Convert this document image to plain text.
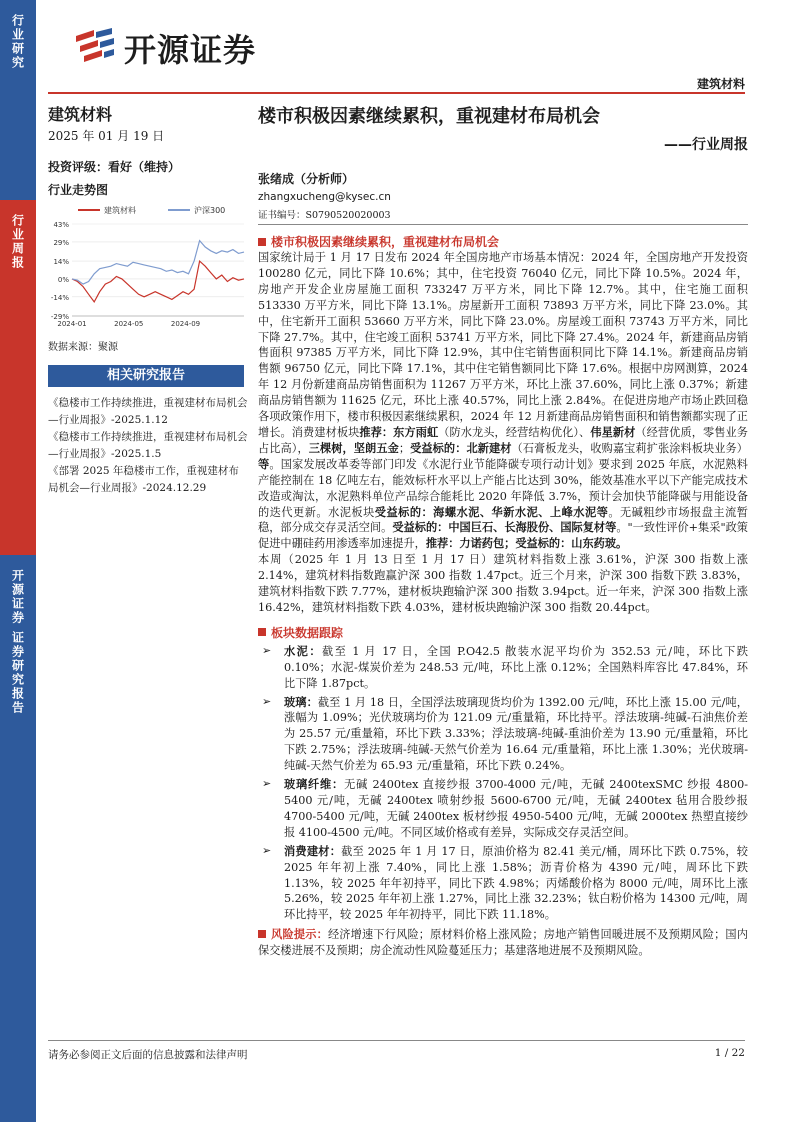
行业研究
行业周报
开源证券 证券研究报告
开源证券
建筑材料
建筑材料
2025 年 01 月 19 日
投资评级：看好（维持）
行业走势图
建筑材料	沪深300
43%
29%
14%
0%
-14%
-29%
2024-01	2024-05	2024-09
数据来源：聚源
相关研究报告
《稳楼市工作持续推进，重视建材布局机会—行业周报》-2025.1.12
《稳楼市工作持续推进，重视建材布局机会—行业周报》-2025.1.5
《部署 2025 年稳楼市工作，重视建材布局机会—行业周报》-2024.12.29
楼市积极因素继续累积，重视建材布局机会
——行业周报
张绪成（分析师）
zhangxucheng@kysec.cn
证书编号：S0790520020003
楼市积极因素继续累积，重视建材布局机会
国家统计局于 1 月 17 日发布 2024 年全国房地产市场基本情况：2024 年，全国房地产开发投资 100280 亿元，同比下降 10.6%；其中，住宅投资 76040 亿元，同比下降 10.5%。2024 年，房地产开发企业房屋施工面积 733247 万平方米，同比下降 12.7%。其中，住宅施工面积 513330 万平方米，同比下降 13.1%。房屋新开工面积 73893 万平方米，同比下降 23.0%。其中，住宅新开工面积 53660 万平方米，同比下降 23.0%。房屋竣工面积 73743 万平方米，同比下降 27.7%。其中，住宅竣工面积 53741 万平方米，同比下降 27.4%。2024 年，新建商品房销售面积 97385 万平方米，同比下降 12.9%，其中住宅销售面积同比下降 14.1%。新建商品房销售额 96750 亿元，同比下降 17.1%，其中住宅销售额同比下降 17.6%。根据中房网测算，2024 年 12 月份新建商品房销售面积为 11267 万平方米，环比上涨 37.60%，同比上涨 0.37%；新建商品房销售额为 11625 亿元，环比上涨 40.57%，同比上涨 2.84%。在促进房地产市场止跌回稳各项政策作用下，楼市积极因素继续累积，2024 年 12 月新建商品房销售面积和销售额都实现了正增长。消费建材板块推荐：东方雨虹（防水龙头，经营结构优化）、伟星新材（经营优质，零售业务占比高），三棵树，坚朗五金；受益标的：北新建材（石膏板龙头，收购嘉宝莉扩张涂料板块业务）等。国家发展改革委等部门印发《水泥行业节能降碳专项行动计划》要求到 2025 年底，水泥熟料产能控制在 18 亿吨左右，能效标杆水平以上产能占比达到 30%，能效基准水平以下产能完成技术改造或淘汰，水泥熟料单位产品综合能耗比 2020 年降低 3.7%，预计会加快节能降碳与用能设备的迭代更新。水泥板块受益标的：海螺水泥、华新水泥、上峰水泥等。无碱粗纱市场报盘主流暂稳，部分成交存灵活空间。受益标的：中国巨石、长海股份、国际复材等。"一致性评价+集采"政策促进中硼硅药用渗透率加速提升，推荐：力诺药包；受益标的：山东药玻。
本周（2025 年 1 月 13 日至 1 月 17 日）建筑材料指数上涨 3.61%，沪深 300 指数上涨 2.14%，建筑材料指数跑赢沪深 300 指数 1.47pct。近三个月来，沪深 300 指数下跌 3.83%，建筑材料指数下跌 7.77%，建材板块跑输沪深 300 指数 3.94pct。近一年来，沪深 300 指数上涨 16.42%，建筑材料指数下跌 4.03%，建材板块跑输沪深 300 指数 20.44pct。
板块数据跟踪
➢	水泥：截至 1 月 17 日，全国 P.O42.5 散装水泥平均价为 352.53 元/吨，环比下跌 0.10%；水泥-煤炭价差为 248.53 元/吨，环比上涨 0.12%；全国熟料库容比 47.84%，环比下降 1.87pct。
➢	玻璃：截至 1 月 18 日，全国浮法玻璃现货均价为 1392.00 元/吨，环比上涨 15.00 元/吨，涨幅为 1.09%；光伏玻璃均价为 121.09 元/重量箱，环比持平。浮法玻璃-纯碱-石油焦价差为 25.57 元/重量箱，环比下跌 3.33%；浮法玻璃-纯碱-重油价差为 13.90 元/重量箱，环比下跌 2.75%；浮法玻璃-纯碱-天然气价差为 16.64 元/重量箱，环比上涨 1.30%；光伏玻璃-纯碱-天然气价差为 65.93 元/重量箱，环比下跌 0.24%。
➢	玻璃纤维：无碱 2400tex 直接纱报 3700-4000 元/吨，无碱 2400texSMC 纱报 4800-5400 元/吨，无碱 2400tex 喷射纱报 5600-6700 元/吨，无碱 2400tex 毡用合股纱报 4700-5400 元/吨，无碱 2400tex 板材纱报 4950-5400 元/吨，无碱 2000tex 热塑直接纱报 4100-4500 元/吨。不同区域价格或有差异，实际成交存灵活空间。
➢	消费建材：截至 2025 年 1 月 17 日，原油价格为 82.41 美元/桶，周环比下跌 0.75%，较 2025 年年初上涨 7.40%，同比上涨 1.58%；沥青价格为 4390 元/吨，周环比下跌 1.13%，较 2025 年年初持平，同比下跌 4.98%；丙烯酸价格为 8000 元/吨，周环比上涨 5.26%，较 2025 年年初上涨 1.27%，同比上涨 32.23%；钛白粉价格为 14300 元/吨，周环比持平，较 2025 年年初持平，同比下跌 11.18%。
风险提示：经济增速下行风险；原材料价格上涨风险；房地产销售回暖进展不及预期风险；国内保交楼进展不及预期；房企流动性风险蔓延压力；基建落地进展不及预期风险。
请务必参阅正文后面的信息披露和法律声明	1 / 22
